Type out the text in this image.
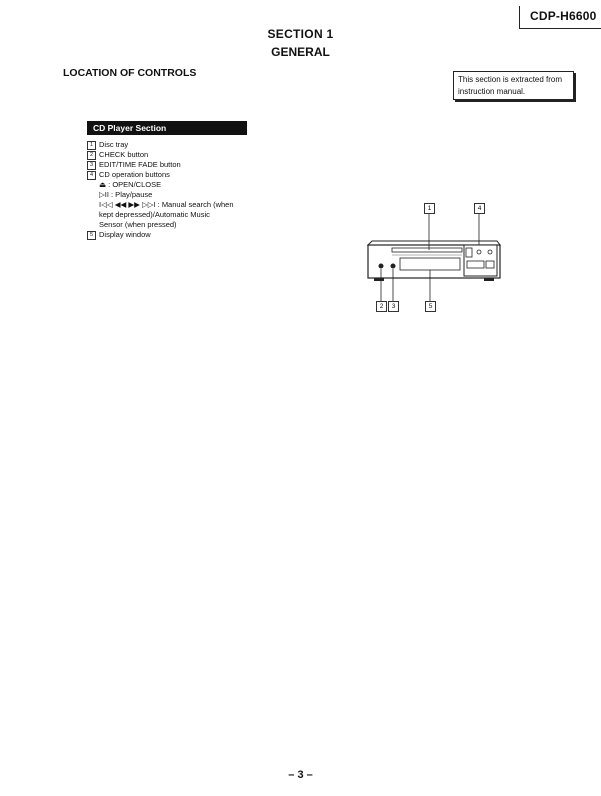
CDP-H6600
SECTION 1
GENERAL
LOCATION OF CONTROLS
This section is extracted from
instruction manual.
CD Player Section
1 Disc tray
2 CHECK button
3 EDIT/TIME FADE button
4 CD operation buttons
⏏ : OPEN/CLOSE
▷II : Play/pause
I◁◁ ◀◀ ▶▶ ▷▷I : Manual search (when
kept depressed)/Automatic Music
Sensor (when pressed)
5 Display window
1	4
2	3	5
– 3 –
